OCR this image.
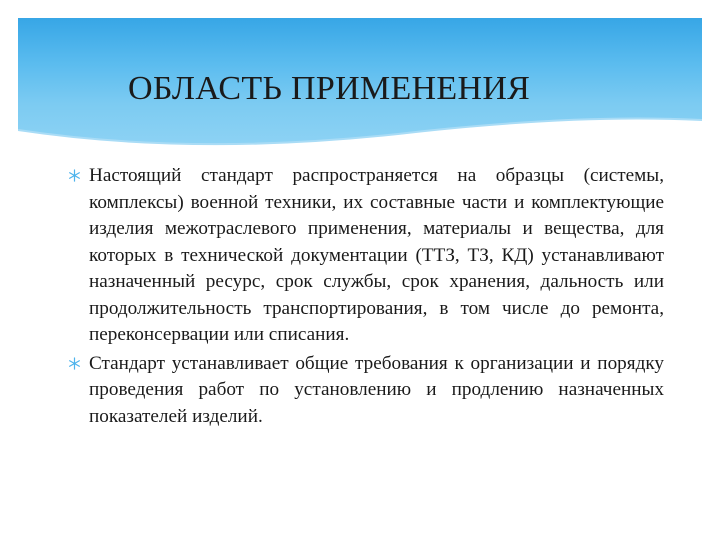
ОБЛАСТЬ ПРИМЕНЕНИЯ
Настоящий стандарт распространяется на образцы (системы, комплексы) военной техники, их составные части и комплектующие изделия межотраслевого применения, материалы и вещества, для которых в технической документации (ТТЗ, ТЗ, КД) устанавливают назначенный ресурс, срок службы, срок хранения, дальность или продолжительность транспортирования, в том числе до ремонта, переконсервации или списания.
Стандарт устанавливает общие требования к организации и порядку проведения работ по установлению и продлению назначенных показателей изделий.
